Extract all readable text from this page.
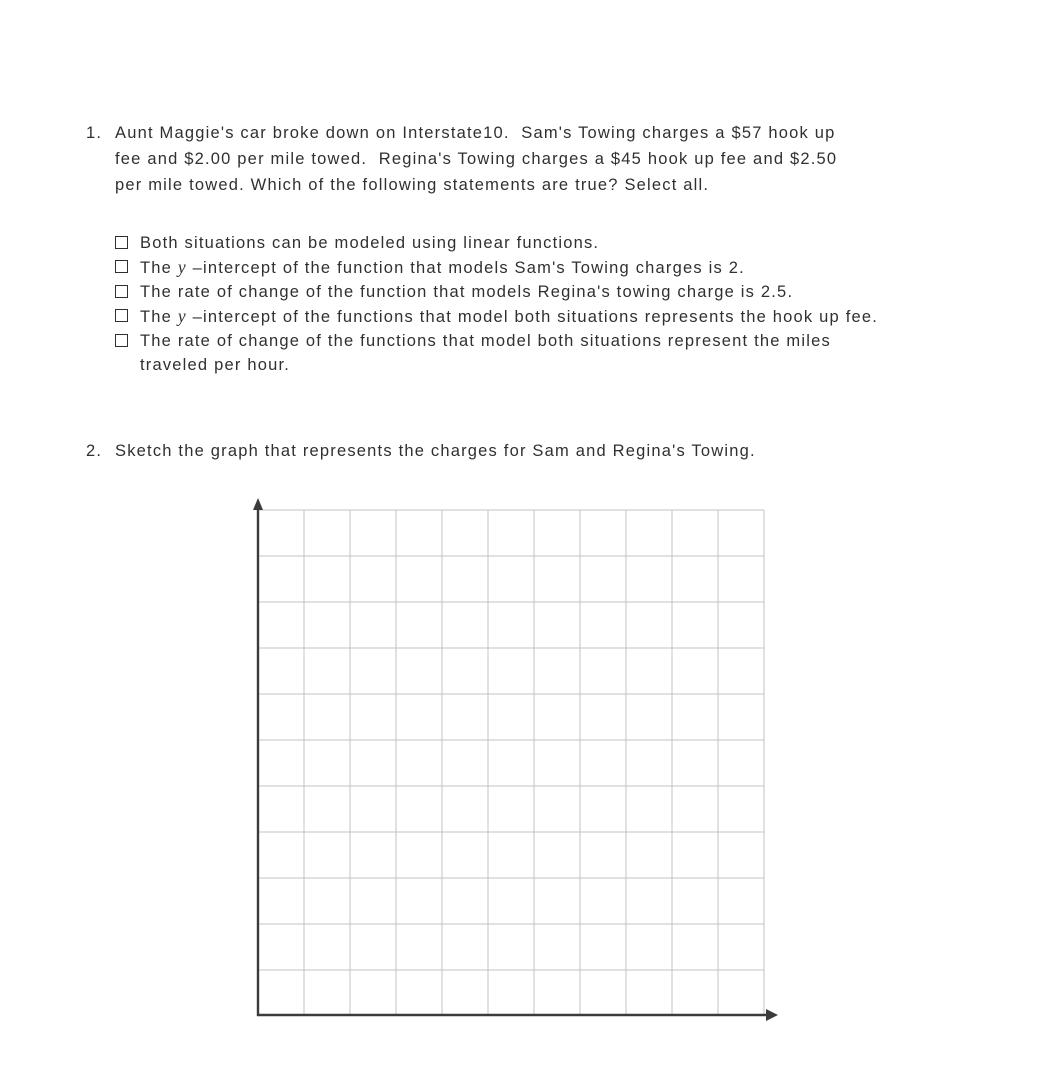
1. Aunt Maggie's car broke down on Interstate10.  Sam's Towing charges a $57 hook up fee and $2.00 per mile towed.  Regina's Towing charges a $45 hook up fee and $2.50 per mile towed. Which of the following statements are true? Select all.
Both situations can be modeled using linear functions.
The y –intercept of the function that models Sam's Towing charges is 2.
The rate of change of the function that models Regina's towing charge is 2.5.
The y –intercept of the functions that model both situations represents the hook up fee.
The rate of change of the functions that model both situations represent the miles traveled per hour.
2. Sketch the graph that represents the charges for Sam and Regina's Towing.
